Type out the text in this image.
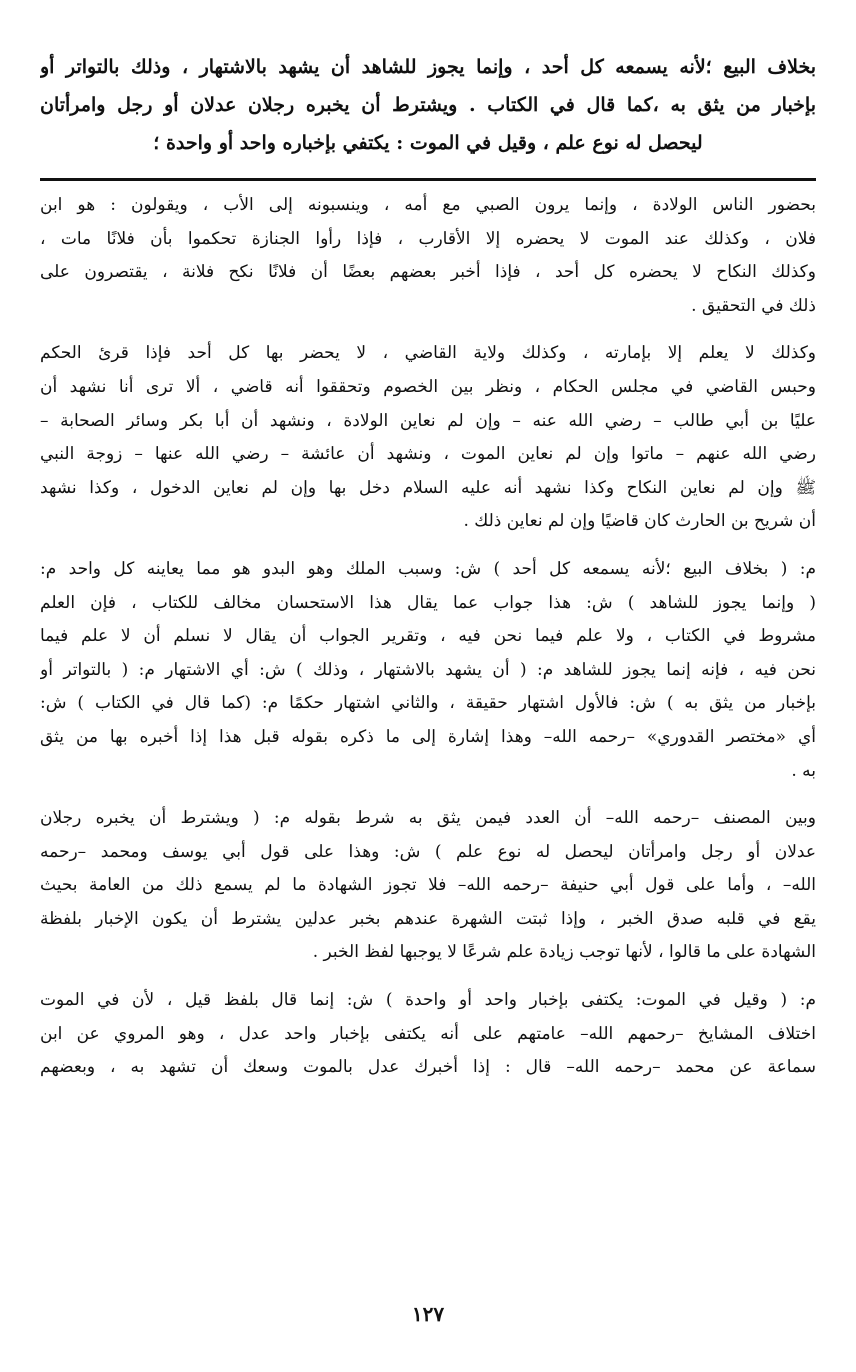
بخلاف البيع ؛لأنه يسمعه كل أحد ، وإنما يجوز للشاهد أن يشهد بالاشتهار ، وذلك بالتواتر أو
بإخبار من يثق به ،كما قال في الكتاب . ويشترط أن يخبره رجلان عدلان أو رجل وامرأتان
ليحصل له نوع علم ، وقيل في الموت : يكتفي بإخباره واحد أو واحدة ؛
بحضور الناس الولادة ، وإنما يرون الصبي مع أمه ، وينسبونه إلى الأب ، ويقولون : هو ابن
فلان ، وكذلك عند الموت لا يحضره إلا الأقارب ، فإذا رأوا الجنازة تحكموا بأن فلانًا مات ،
وكذلك النكاح لا يحضره كل أحد ، فإذا أخبر بعضهم بعضًا أن فلانًا نكح فلانة ، يقتصرون على
ذلك في التحقيق .
وكذلك لا يعلم إلا بإمارته ، وكذلك ولاية القاضي ، لا يحضر بها كل أحد فإذا قرئ الحكم
وحبس القاضي في مجلس الحكام ، ونظر بين الخصوم وتحققوا أنه قاضي ، ألا ترى أنا نشهد أن
عليًا بن أبي طالب – رضي الله عنه – وإن لم نعاين الولادة ، ونشهد أن أبا بكر وسائر الصحابة –
رضي الله عنهم – ماتوا وإن لم نعاين الموت ، ونشهد أن عائشة – رضي الله عنها – زوجة النبي
ﷺ وإن لم نعاين النكاح وكذا نشهد أنه عليه السلام دخل بها وإن لم نعاين الدخول ، وكذا نشهد
أن شريح بن الحارث كان قاضيًا وإن لم نعاين ذلك .
م: ( بخلاف البيع ؛لأنه يسمعه كل أحد ) ش: وسبب الملك وهو البدو هو مما يعاينه كل واحد م:
( وإنما يجوز للشاهد ) ش: هذا جواب عما يقال هذا الاستحسان مخالف للكتاب ، فإن العلم
مشروط في الكتاب ، ولا علم فيما نحن فيه ، وتقرير الجواب أن يقال لا نسلم أن لا علم فيما
نحن فيه ، فإنه إنما يجوز للشاهد م: ( أن يشهد بالاشتهار ، وذلك ) ش: أي الاشتهار م: ( بالتواتر أو
بإخبار من يثق به ) ش: فالأول اشتهار حقيقة ، والثاني اشتهار حكمًا م: (كما قال في الكتاب ) ش:
أي «مختصر القدوري» –رحمه الله– وهذا إشارة إلى ما ذكره بقوله قبل هذا إذا أخبره بها من يثق
به .
وبين المصنف –رحمه الله– أن العدد فيمن يثق به شرط بقوله م: ( ويشترط أن يخبره رجلان
عدلان أو رجل وامرأتان ليحصل له نوع علم ) ش: وهذا على قول أبي يوسف ومحمد –رحمه
الله– ، وأما على قول أبي حنيفة –رحمه الله– فلا تجوز الشهادة ما لم يسمع ذلك من العامة بحيث
يقع في قلبه صدق الخبر ، وإذا ثبتت الشهرة عندهم بخبر عدلين يشترط أن يكون الإخبار بلفظة
الشهادة على ما قالوا ، لأنها توجب زيادة علم شرعًا لا يوجبها لفظ الخبر .
م: ( وقيل في الموت: يكتفى بإخبار واحد أو واحدة ) ش: إنما قال بلفظ قيل ، لأن في الموت
اختلاف المشايخ –رحمهم الله– عامتهم على أنه يكتفى بإخبار واحد عدل ، وهو المروي عن ابن
سماعة عن محمد –رحمه الله– قال : إذا أخبرك عدل بالموت وسعك أن تشهد به ، وبعضهم
١٢٧
